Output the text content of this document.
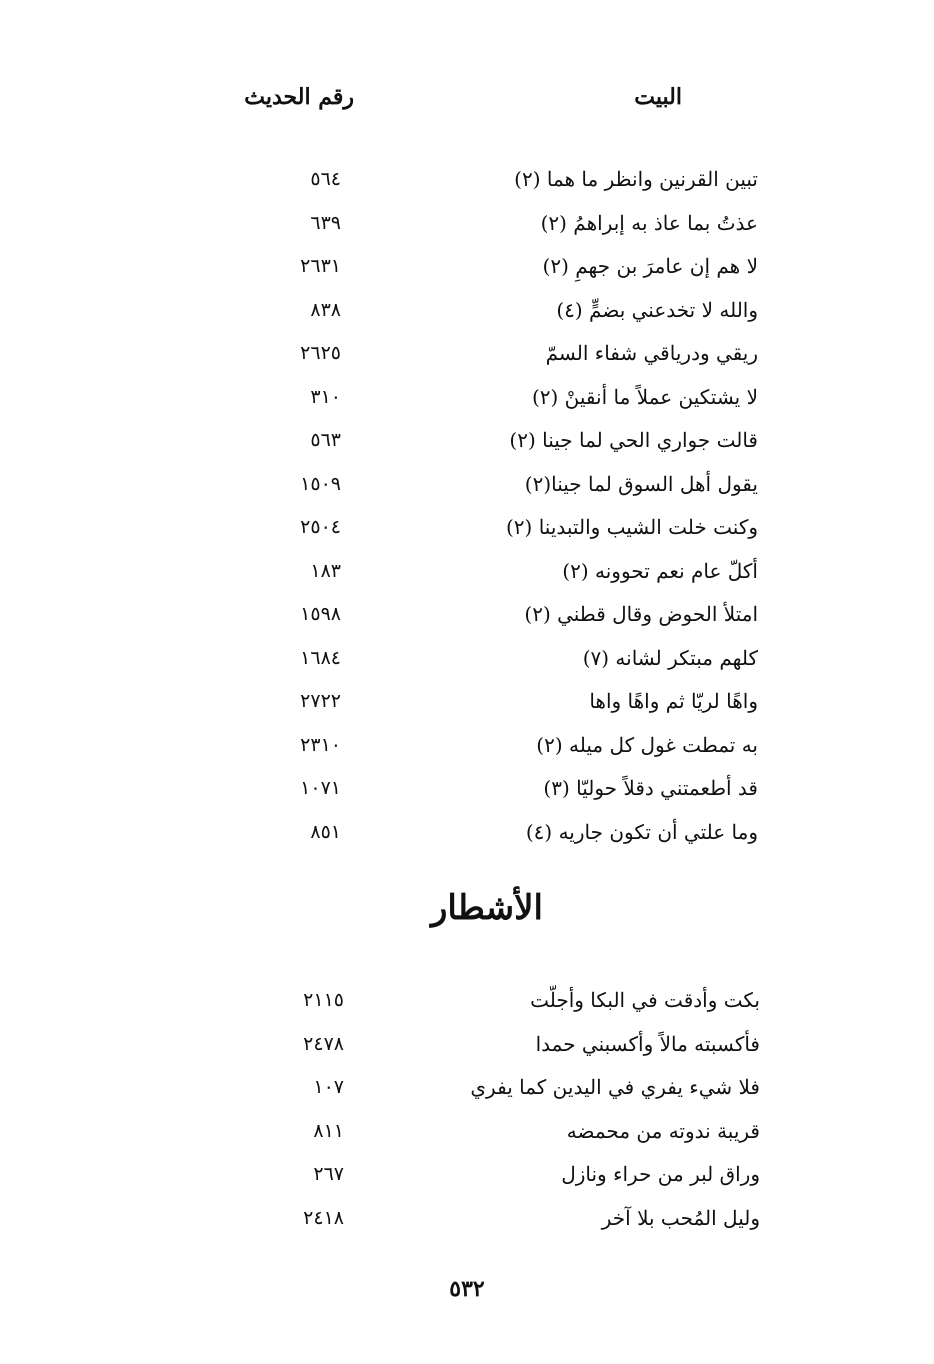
البيت
رقم الحديث
تبين القرنين وانظر ما هما (٢)
٥٦٤
عذتُ بما عاذ به إبراهمُ (٢)
٦٣٩
لا هم إن عامرَ بن جهمِ (٢)
٢٦٣١
والله لا تخدعني بضمٍّ (٤)
٨٣٨
ريقي ودرياقي شفاء السمّ
٢٦٢٥
لا يشتكين عملاً ما أنقينْ (٢)
٣١٠
قالت جواري الحي لما جينا (٢)
٥٦٣
يقول أهل السوق لما جينا(٢)
١٥٠٩
وكنت خلت الشيب والتبدينا (٢)
٢٥٠٤
أكلّ عام نعم تحوونه (٢)
١٨٣
امتلأ الحوض وقال قطني (٢)
١٥٩٨
كلهم مبتكر لشانه (٧)
١٦٨٤
واهًا لريّا ثم واهًا واها
٢٧٢٢
به تمطت غول كل ميله (٢)
٢٣١٠
قد أطعمتني دقلاً حوليّا (٣)
١٠٧١
وما علتي أن تكون جاريه (٤)
٨٥١
الأشطار
بكت وأدقت في البكا وأجلّت
٢١١٥
فأكسبته مالاً وأكسبني حمدا
٢٤٧٨
فلا شيء يفري في اليدين كما يفري
١٠٧
قريبة ندوته من محمضه
٨١١
وراق لبر من حراء ونازل
٢٦٧
وليل المُحب بلا آخر
٢٤١٨
٥٣٢
